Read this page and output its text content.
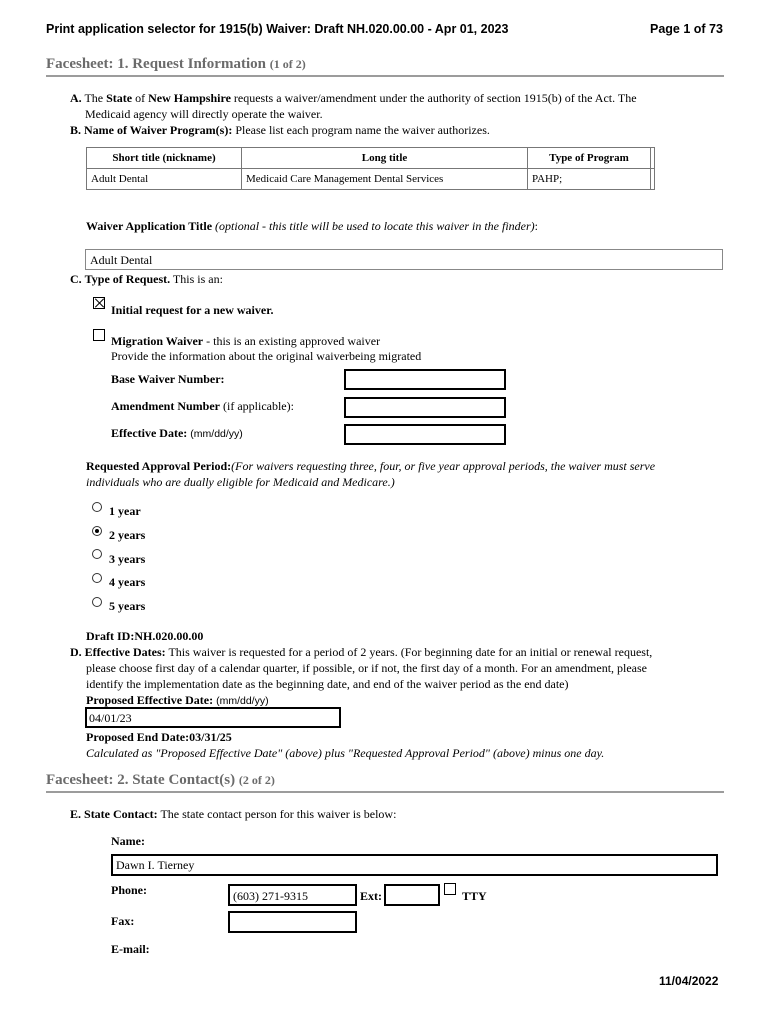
Print application selector for 1915(b) Waiver: Draft NH.020.00.00 - Apr 01, 2023	Page 1 of 73
Facesheet: 1. Request Information (1 of 2)
A. The State of New Hampshire requests a waiver/amendment under the authority of section 1915(b) of the Act. The
Medicaid agency will directly operate the waiver.
B. Name of Waiver Program(s): Please list each program name the waiver authorizes.
Short title (nickname)	Long title	Type of Program	
Adult Dental	Medicaid Care Management Dental Services	PAHP;	
Waiver Application Title (optional - this title will be used to locate this waiver in the finder):
Adult Dental
C. Type of Request. This is an:
Initial request for a new waiver.
Migration Waiver - this is an existing approved waiver
Provide the information about the original waiverbeing migrated
Base Waiver Number:
Amendment Number (if applicable):
Effective Date: (mm/dd/yy)
Requested Approval Period:(For waivers requesting three, four, or five year approval periods, the waiver must serve
individuals who are dually eligible for Medicaid and Medicare.)
1 year
2 years
3 years
4 years
5 years
Draft ID:NH.020.00.00
D. Effective Dates: This waiver is requested for a period of 2 years. (For beginning date for an initial or renewal request,
please choose first day of a calendar quarter, if possible, or if not, the first day of a month. For an amendment, please
identify the implementation date as the beginning date, and end of the waiver period as the end date)
Proposed Effective Date: (mm/dd/yy)
04/01/23
Proposed End Date:03/31/25
Calculated as "Proposed Effective Date" (above) plus "Requested Approval Period" (above) minus one day.
Facesheet: 2. State Contact(s) (2 of 2)
E. State Contact: The state contact person for this waiver is below:
Name:
Dawn I. Tierney
Phone:	(603) 271-9315	Ext:	TTY
Fax:
E-mail:
11/04/2022
